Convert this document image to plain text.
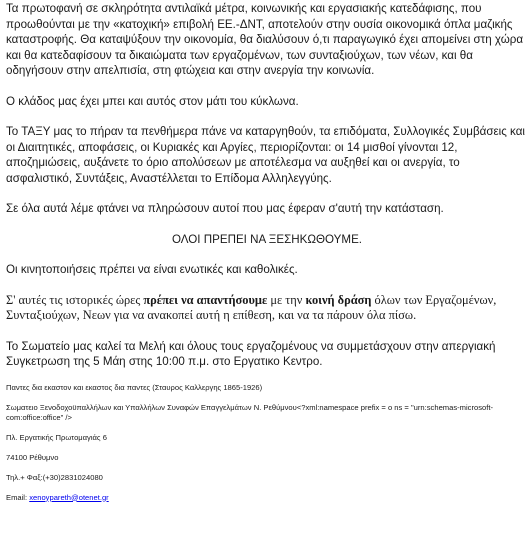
Τα πρωτοφανή σε σκληρότητα αντιλαϊκά μέτρα, κοινωνικής και εργασιακής κατεδάφισης, που προωθούνται με την «κατοχική» επιβολή ΕΕ.-ΔΝΤ, αποτελούν στην ουσία οικονομικά όπλα μαζικής καταστροφής. Θα καταψύξουν την οικονομία, θα διαλύσουν ό,τι παραγωγικό έχει απομείνει στη χώρα και θα κατεδαφίσουν τα δικαιώματα των εργαζομένων, των συνταξιούχων, των νέων, και θα οδηγήσουν στην απελπισία, στη φτώχεια και στην ανεργία την κοινωνία.

Ο κλάδος μας έχει μπει και αυτός στον μάτι του κύκλωνα.

Το ΤΑΞΥ μας το πήραν τα πενθήμερα πάνε να καταργηθούν, τα επιδόματα, Συλλογικές Συμβάσεις και οι Διαιτητικές, αποφάσεις, οι Κυριακές και Αργίες, περιορίζονται: οι 14 μισθοί γίνονται 12, αποζημιώσεις, αυξάνετε το όριο απολύσεων με αποτέλεσμα να αυξηθεί και οι ανεργία, το ασφαλιστικό, Συντάξεις, Αναστέλλεται το Επίδομα Αλληλεγγύης.

Σε όλα αυτά λέμε φτάνει να πληρώσουν αυτοί που μας έφεραν σ'αυτή την κατάσταση.

ΟΛΟΙ ΠΡΕΠΕΙ ΝΑ ΞΕΣΗΚΩΘΟΥΜΕ.

Οι κινητοποιήσεις πρέπει να είναι ενωτικές και καθολικές.

Σ' αυτές τις ιστορικές ώρες πρέπει να απαντήσουμε με την κοινή δράση όλων των Εργαζομένων, Συνταξιούχων, Νεων για να ανακοπεί αυτή η επίθεση, και να τα πάρουν όλα πίσω.

Το Σωματείο μας καλεί τα Μελή και όλους τους εργαζομένους να συμμετάσχουν στην απεργιακή Συγκετρωση της 5 Μάη στης 10:00 π.μ. στο Εργατικο Κεντρο.

Παντες δια εκαστον και εκαστος δια παντες (Σταυρος Καλλεργης 1865-1926)

Σωματειο Ξενοδοχοϋπαλλήλων και Υπαλλήλων Συναφών Επαγγελμάτων Ν. Ρεθύμνου<?xml:namespace prefix = o ns = "urn:schemas-microsoft-com:office:office" />

Πλ. Εργατικής Πρωτομαγιάς 6

74100 Ρέθυμνο

Τηλ.+ Φαξ:(+30)2831024080

Email: xenoypareth@otenet.gr
